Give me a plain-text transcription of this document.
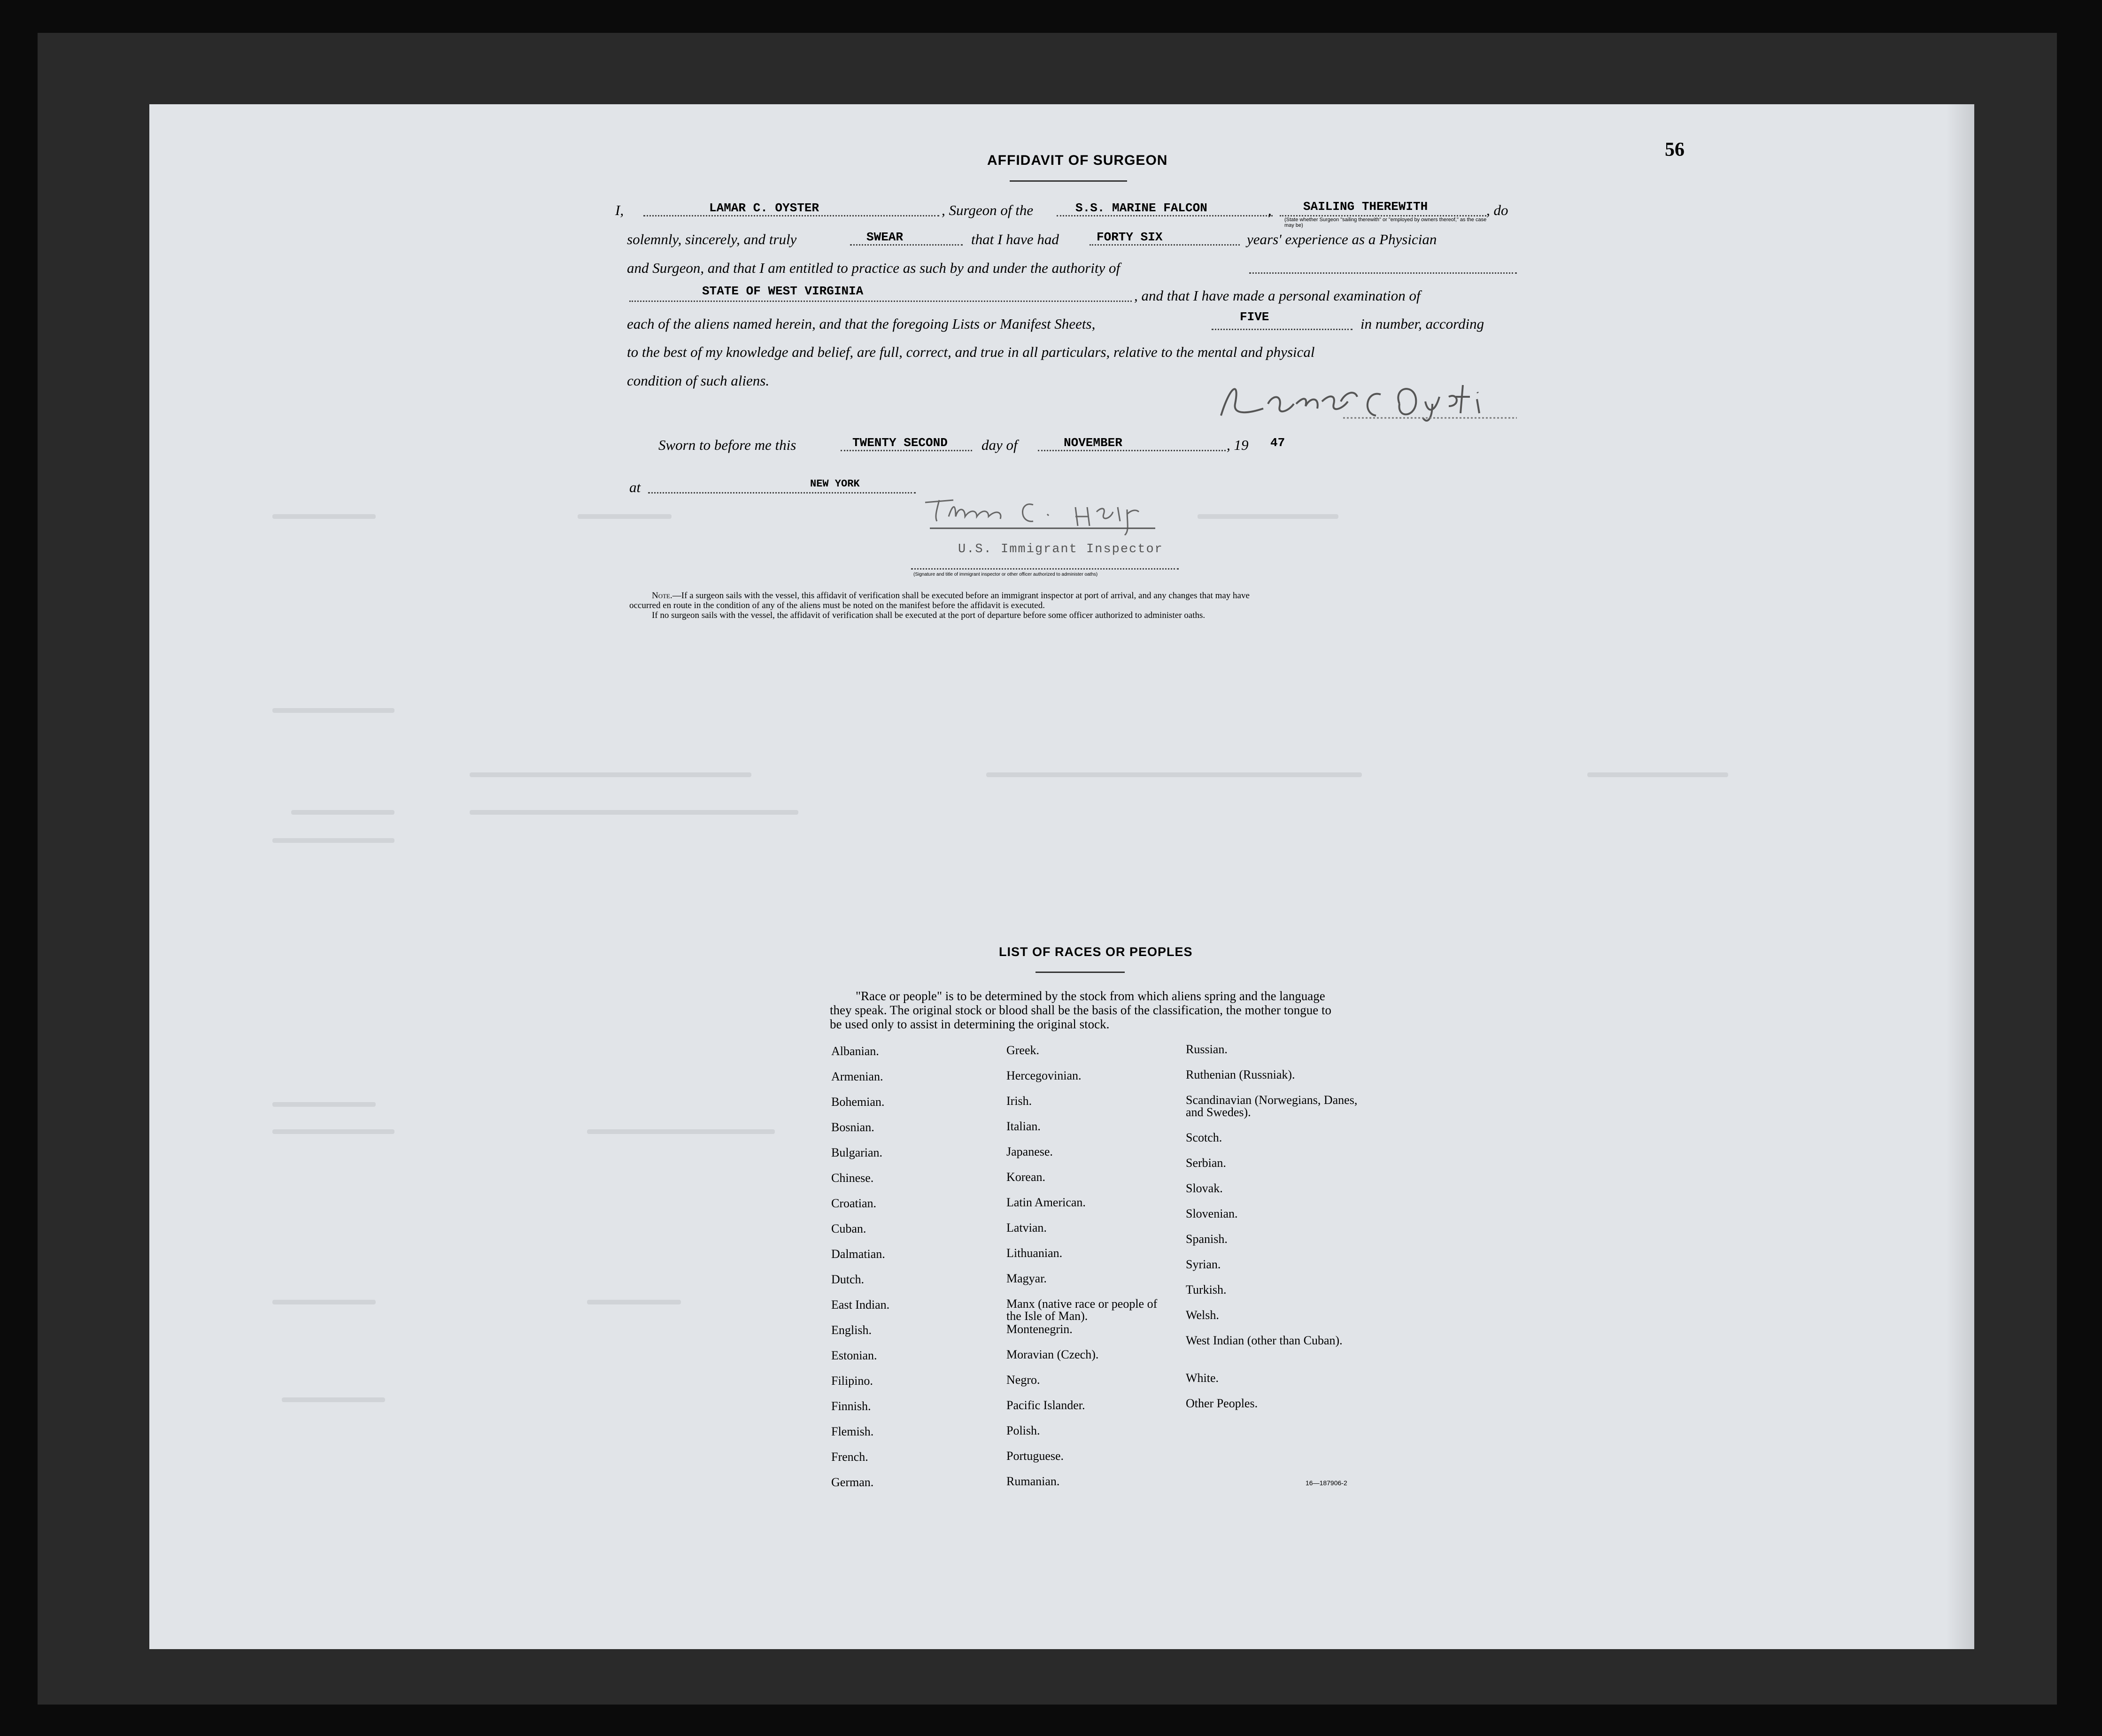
56
AFFIDAVIT OF SURGEON
I,	LAMAR C. OYSTER	, Surgeon of the	S.S. MARINE FALCON	,	SAILING THEREWITH
(State whether Surgeon "sailing therewith" or "employed by owners thereof," as the case may be)
, do
solemnly, sincerely, and truly	SWEAR	that I have had	FORTY SIX	years' experience as a Physician
and Surgeon, and that I am entitled to practice as such by and under the authority of
STATE OF WEST VIRGINIA	, and that I have made a personal examination of
each of the aliens named herein, and that the foregoing Lists or Manifest Sheets,	FIVE	in number, according
to the best of my knowledge and belief, are full, correct, and true in all particulars, relative to the mental and physical
condition of such aliens.
Sworn to before me this	TWENTY SECOND day of	NOVEMBER	, 19 47
at	NEW YORK
U.S. Immigrant Inspector
(Signature and title of immigrant inspector or other officer authorized to administer oaths)
Note.—If a surgeon sails with the vessel, this affidavit of verification shall be executed before an immigrant inspector at port of arrival, and any changes that may have
occurred en route in the condition of any of the aliens must be noted on the manifest before the affidavit is executed.
If no surgeon sails with the vessel, the affidavit of verification shall be executed at the port of departure before some officer authorized to administer oaths.
LIST OF RACES OR PEOPLES
"Race or people" is to be determined by the stock from which aliens spring and the language they speak. The original stock or blood shall be the basis of the classification, the mother tongue to be used only to assist in determining the original stock.
Albanian.
Armenian.
Bohemian.
Bosnian.
Bulgarian.
Chinese.
Croatian.
Cuban.
Dalmatian.
Dutch.
East Indian.
English.
Estonian.
Filipino.
Finnish.
Flemish.
French.
German.
Greek.
Hercegovinian.
Irish.
Italian.
Japanese.
Korean.
Latin American.
Latvian.
Lithuanian.
Magyar.
Manx (native race or people of the Isle of Man).
Montenegrin.
Moravian (Czech).
Negro.
Pacific Islander.
Polish.
Portuguese.
Rumanian.
Russian.
Ruthenian (Russniak).
Scandinavian (Norwegians, Danes, and Swedes).
Scotch.
Serbian.
Slovak.
Slovenian.
Spanish.
Syrian.
Turkish.
Welsh.
West Indian (other than Cuban).
White.
Other Peoples.
16—187906-2
